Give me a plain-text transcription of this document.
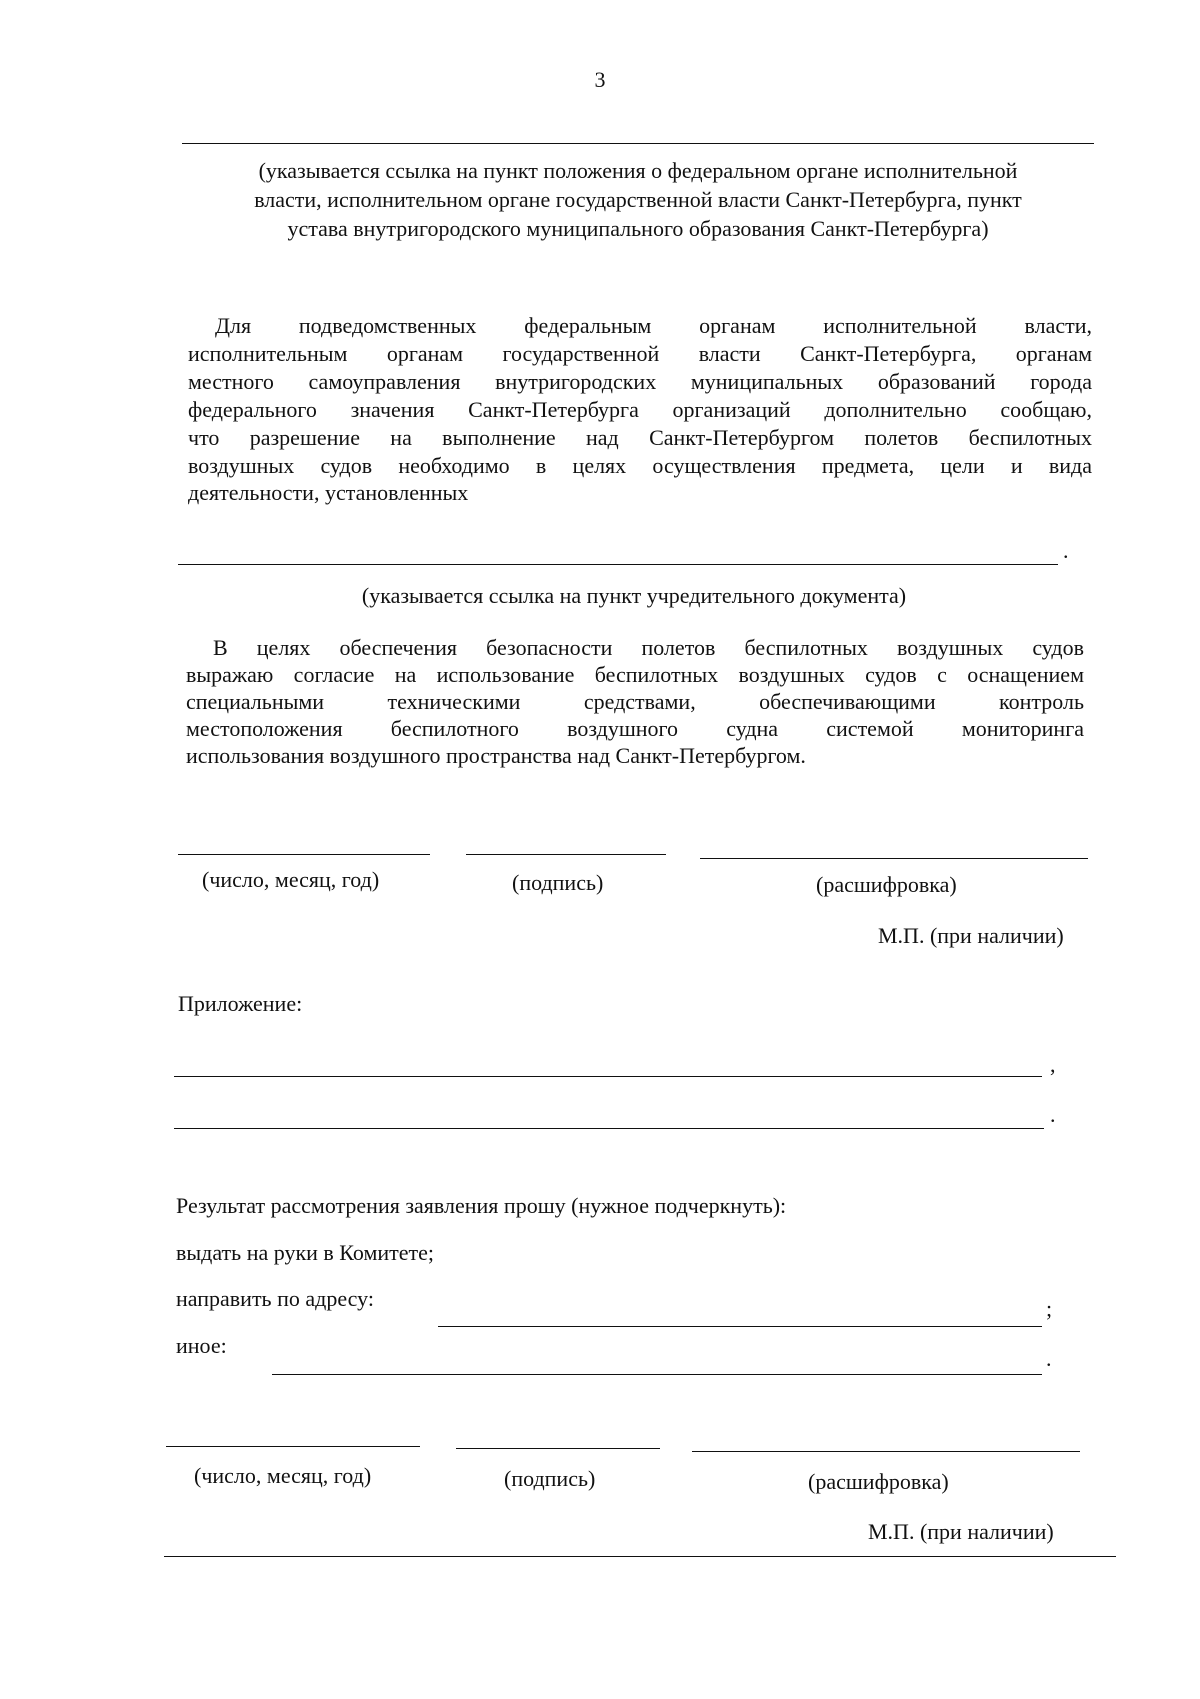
3
(указывается ссылка на пункт положения о федеральном органе исполнительной
власти, исполнительном органе государственной власти Санкт-Петербурга, пункт
устава внутригородского муниципального образования Санкт-Петербурга)
Для подведомственных федеральным органам исполнительной власти,
исполнительным органам государственной власти Санкт-Петербурга, органам
местного самоуправления внутригородских муниципальных образований города
федерального значения Санкт-Петербурга организаций дополнительно сообщаю,
что разрешение на выполнение над Санкт-Петербургом полетов беспилотных
воздушных судов необходимо в целях осуществления предмета, цели и вида
деятельности, установленных
.
(указывается ссылка на пункт учредительного документа)
В целях обеспечения безопасности полетов беспилотных воздушных судов
выражаю согласие на использование беспилотных воздушных судов с оснащением
специальными техническими средствами, обеспечивающими контроль
местоположения беспилотного воздушного судна системой мониторинга
использования воздушного пространства над Санкт-Петербургом.
(число, месяц, год)	(подпись)	(расшифровка)
М.П. (при наличии)
Приложение:
,
.
Результат рассмотрения заявления прошу (нужное подчеркнуть):
выдать на руки в Комитете;
направить по адресу:	;
иное:
.
(число, месяц, год)	(подпись)	(расшифровка)
М.П. (при наличии)
